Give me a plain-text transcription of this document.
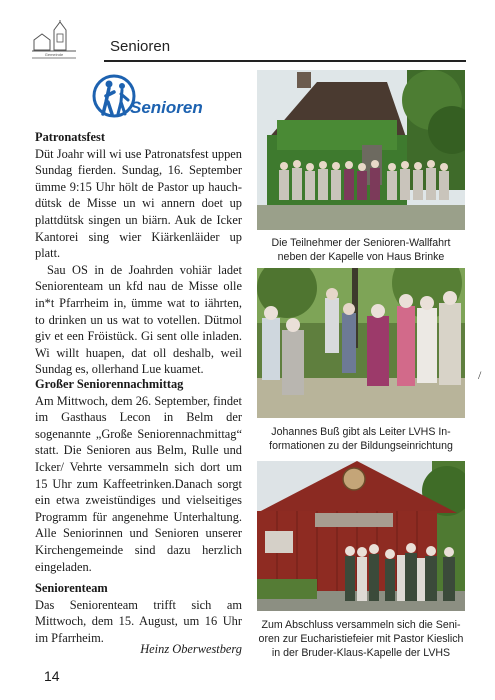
Gemeinde	Senioren
Senioren
Patronatsfest

Düt Joahr will wi use Patronatsfest uppen Sundag fierden. Sundag, 16. September ümme 9:15 Uhr hölt de Pastor up hauch-dütsk de Misse un wi annern doet up plattdütsk singen un biärn. Auk de Icker Kantorei sing wier Kiärkenläider up platt.

Sau OS in de Joahrden vohiär ladet Seniorenteam un kfd nau de Misse olle in*t Pfarrheim in, ümme wat to iährten, to drinken un us wat to votellen. Dütmol giv et een Fröistück. Gi sent olle inladen. Wi willt huapen, dat oll deshalb, weil Sundag es, ollerhand Lue kuamet.

Großer Seniorennachmittag

Am Mittwoch, dem 26. September, findet im Gasthaus Lecon in Belm der sogenannte „Große Seniorennachmittag“ statt. Die Senioren aus Belm, Rulle und Icker/ Vehrte versammeln sich dort um 15 Uhr zum Kaffeetrinken.Danach sorgt ein etwa zweistündiges und vielseitiges Programm für angenehme Unterhaltung. Alle Seniorinnen und Senioren unserer Kirchengemeinde sind dazu herzlich eingeladen.

Seniorenteam

Das Seniorenteam trifft sich am Mittwoch, dem 15. August, um 16 Uhr im Pfarrheim.

Heinz Oberwestberg
14
Die Teilnehmer der Senioren-Wallfahrt
neben der Kapelle von Haus Brinke
Johannes Buß gibt als Leiter LVHS In-
formationen zu der Bildungseinrichtung
Zum Abschluss versammeln sich die Seni-
oren zur Eucharistiefeier mit Pastor Kieslich
in der Bruder-Klaus-Kapelle der LVHS
/
